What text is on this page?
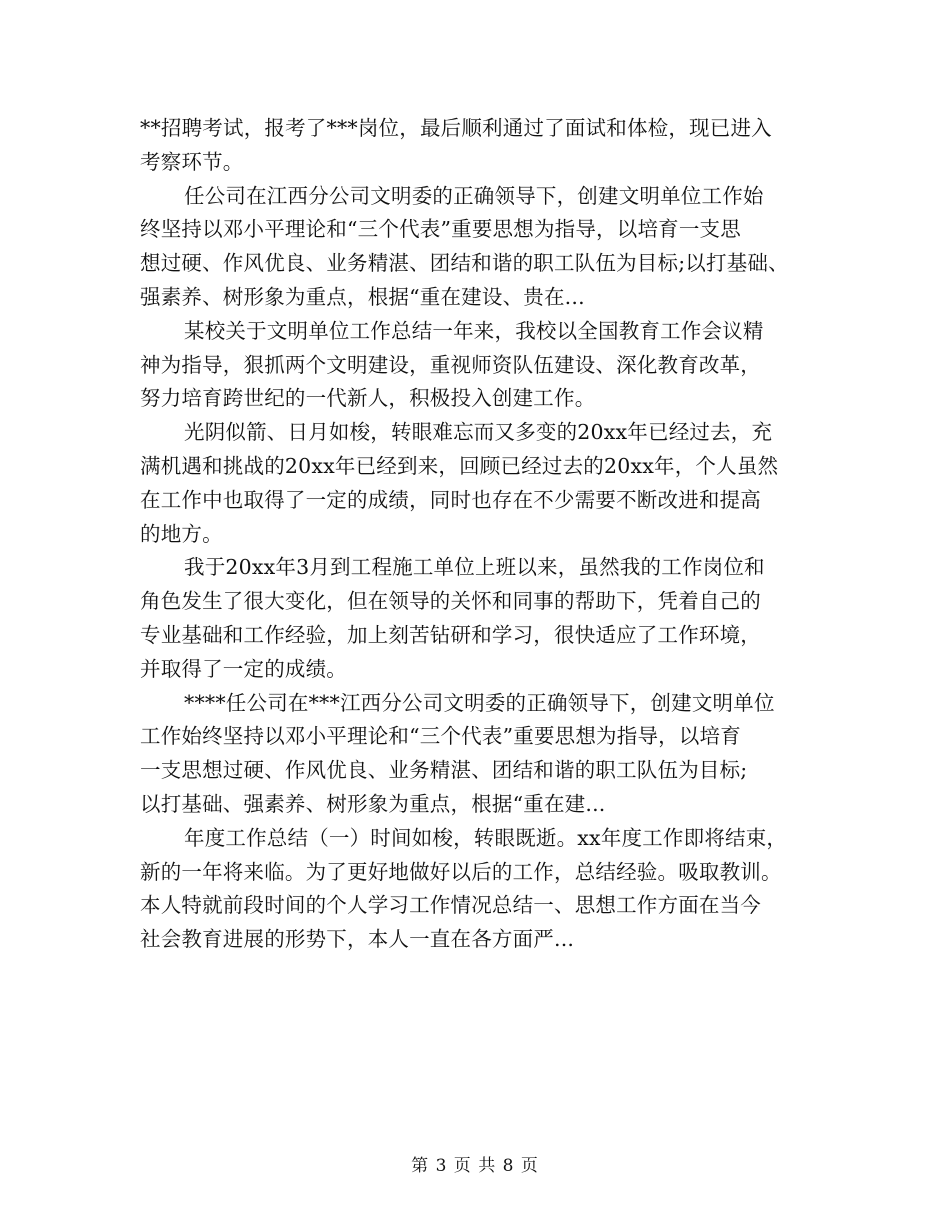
**招聘考试，报考了***岗位，最后顺利通过了面试和体检，现已进入
考察环节。
任公司在江西分公司文明委的正确领导下，创建文明单位工作始
终坚持以邓小平理论和“三个代表”重要思想为指导，以培育一支思
想过硬、作风优良、业务精湛、团结和谐的职工队伍为目标;以打基础、
强素养、树形象为重点，根据“重在建设、贵在...
某校关于文明单位工作总结一年来，我校以全国教育工作会议精
神为指导，狠抓两个文明建设，重视师资队伍建设、深化教育改革，
努力培育跨世纪的一代新人，积极投入创建工作。
光阴似箭、日月如梭，转眼难忘而又多变的20xx年已经过去，充
满机遇和挑战的20xx年已经到来，回顾已经过去的20xx年，个人虽然
在工作中也取得了一定的成绩，同时也存在不少需要不断改进和提高
的地方。
我于20xx年3月到工程施工单位上班以来，虽然我的工作岗位和
角色发生了很大变化，但在领导的关怀和同事的帮助下，凭着自己的
专业基础和工作经验，加上刻苦钻研和学习，很快适应了工作环境，
并取得了一定的成绩。
****任公司在***江西分公司文明委的正确领导下，创建文明单位
工作始终坚持以邓小平理论和“三个代表”重要思想为指导，以培育
一支思想过硬、作风优良、业务精湛、团结和谐的职工队伍为目标;
以打基础、强素养、树形象为重点，根据“重在建...
年度工作总结（一）时间如梭，转眼既逝。xx年度工作即将结束，
新的一年将来临。为了更好地做好以后的工作，总结经验。吸取教训。
本人特就前段时间的个人学习工作情况总结一、思想工作方面在当今
社会教育进展的形势下，本人一直在各方面严...
第 3 页 共 8 页
